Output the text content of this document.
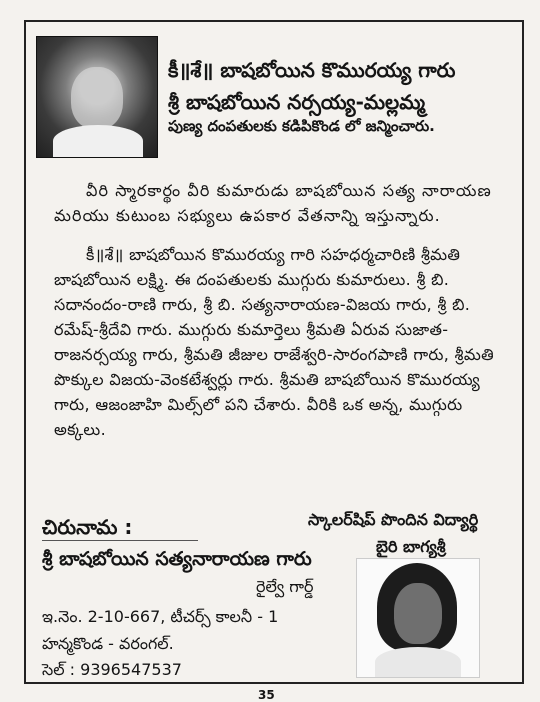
కీ॥శే॥ బాషబోయిన కొమురయ్య గారు
శ్రీ బాషబోయిన నర్సయ్య-మల్లమ్మ
పుణ్య దంపతులకు కడిపికొండ లో జన్మించారు.

వీరి స్మారకార్థం వీరి కుమారుడు బాషబోయిన సత్య నారాయణ మరియు కుటుంబ సభ్యులు ఉపకార వేతనాన్ని ఇస్తున్నారు.

కీ॥శే॥ బాషబోయిన కొమురయ్య గారి సహధర్మచారిణి శ్రీమతి బాషబోయిన లక్ష్మి. ఈ దంపతులకు ముగ్గురు కుమారులు. శ్రీ బి. సదానందం-రాణి గారు, శ్రీ బి. సత్యనారాయణ-విజయ గారు, శ్రీ బి. రమేష్-శ్రీదేవి గారు. ముగ్గురు కుమార్తెలు శ్రీమతి ఏరువ సుజాత- రాజనర్సయ్య గారు, శ్రీమతి జీజుల రాజేశ్వరి-సారంగపాణి గారు, శ్రీమతి పొక్కుల విజయ-వెంకటేశ్వర్లు గారు. శ్రీమతి బాషబోయిన కొమురయ్య గారు, ఆజంజాహి మిల్స్‌లో పని చేశారు. వీరికి ఒక అన్న, ముగ్గురు అక్కలు.

చిరునామ :	స్కాలర్‌షిప్ పొందిన విద్యార్థి
బైరి బాగ్యశ్రీ
శ్రీ బాషబోయిన సత్యనారాయణ గారు
రైల్వే గార్డ్
ఇ.నెం. 2-10-667, టీచర్స్ కాలనీ - 1
హన్మకొండ - వరంగల్.
సెల్ : 9396547537
35
